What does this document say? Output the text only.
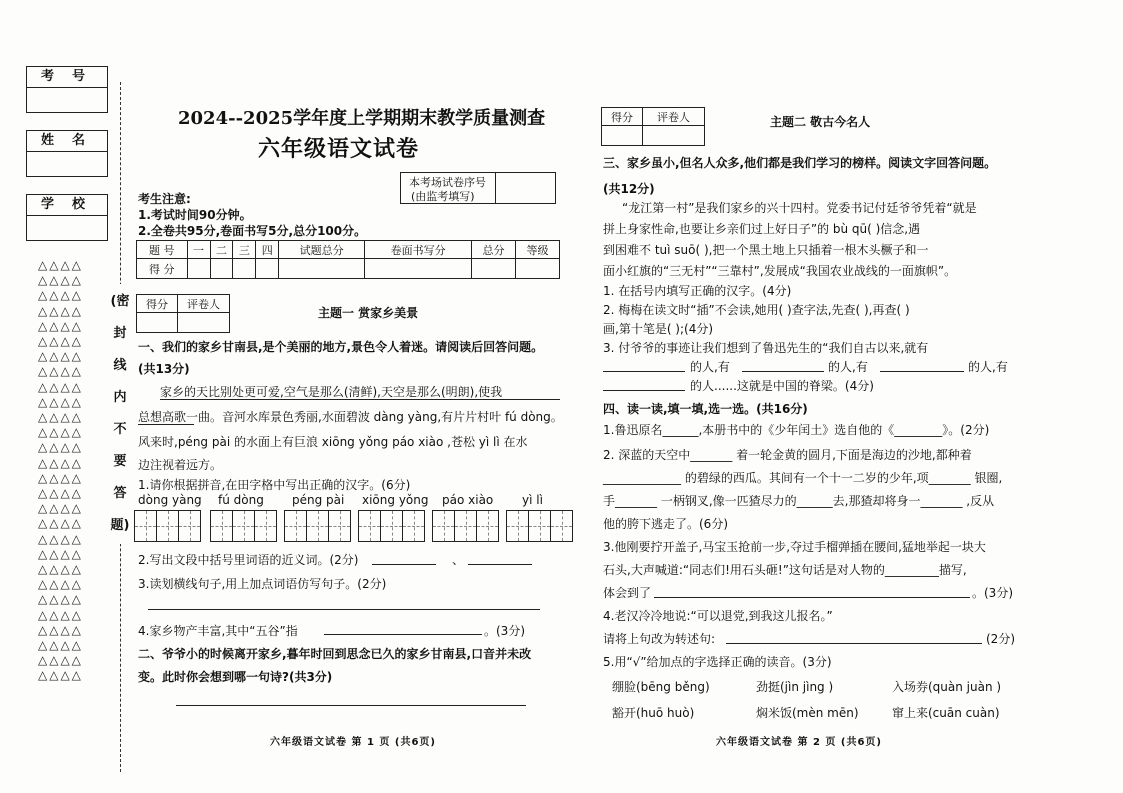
考号
姓名
学校
△△△△
△△△△
△△△△
△△△△
△△△△
△△△△
△△△△
△△△△
△△△△
△△△△
△△△△
△△△△
△△△△
△△△△
△△△△
△△△△
△△△△
△△△△
△△△△
△△△△
△△△△
△△△△
△△△△
△△△△
△△△△
△△△△
△△△△
△△△△
(密
封
线
内
不
要
答
题)
2024--2025学年度上学期期末教学质量测查
六年级语文试卷
本考场试卷序号
(由监考填写)
考生注意:
1.考试时间90分钟。
2.全卷共95分,卷面书写5分,总分100分。
题 号	一	二	三	四	试题总分	卷面书写分	总分	等级
得 分								
得分	评卷人

主题一 赏家乡美景
一、我们的家乡甘南县,是个美丽的地方,景色令人着迷。请阅读后回答问题。
(共13分)
家乡的天比别处更可爱,空气是那么(清鲜),天空是那么(明朗),使我
总想高歌一曲。音河水库景色秀丽,水面碧波 dàng yàng,有片片村叶 fú dòng。
风来时,péng pài 的水面上有巨浪 xiōng yǒng páo xiào ,苍松 yì lì 在水
边注视着远方。
1.请你根据拼音,在田字格中写出正确的汉字。(6分)
dòng yàng fú dòng péng pài xiōng yǒng páo xiào yì lì
2.写出文段中括号里词语的近义词。(2分)	、
3.读划横线句子,用上加点词语仿写句子。(2分)
4.家乡物产丰富,其中“五谷”指	。(3分)
二、爷爷小的时候离开家乡,暮年时回到思念已久的家乡甘南县,口音并未改
变。此时你会想到哪一句诗?(共3分)
六年级语文试卷 第 1 页 (共6页)
得分	评卷人
		主题二 敬古今名人
三、家乡虽小,但名人众多,他们都是我们学习的榜样。阅读文字回答问题。
(共12分)
“龙江第一村”是我们家乡的兴十四村。党委书记付廷爷爷凭着“就是
拼上身家性命,也要让乡亲们过上好日子”的 bù qū( )信念,遇
到困难不 tuì suō( ),把一个黑土地上只插着一根木头橛子和一
面小红旗的“三无村”“三靠村”,发展成“我国农业战线的一面旗帜”。
1. 在括号内填写正确的汉字。(4分)
2. 梅梅在读文时“插”不会读,她用( )查字法,先查( ),再查( )
画,第十笔是( );(4分)
3. 付爷爷的事迹让我们想到了鲁迅先生的“我们自古以来,就有
的人,有	的人,有	的人,有
的人......这就是中国的脊梁。(4分)
四、读一读,填一填,选一选。(共16分)
1.鲁迅原名______,本册书中的《少年闰土》选自他的《________》。(2分)
2. 深蓝的天空中_______ 着一轮金黄的圆月,下面是海边的沙地,都种着
_____________ 的碧绿的西瓜。其间有一个十一二岁的少年,项_______ 银圈,
手_______ 一柄钢叉,像一匹猹尽力的______去,那猹却将身一_______ ,反从
他的胯下逃走了。(6分)
3.他刚要拧开盖子,马宝玉抢前一步,夺过手榴弹插在腰间,猛地举起一块大
石头,大声喊道:“同志们!用石头砸!”这句话是对人物的_________描写,
体会到了	。(3分)
4.老汉冷冷地说:“可以退党,到我这儿报名。”
请将上句改为转述句:	(2分)
5.用“√”给加点的字选择正确的读音。(3分)
绷脸(bēng běng)	劲挺(jìn jìng )	入场券(quàn juàn )
豁开(huō huò)	焖米饭(mèn mēn)	窜上来(cuān cuàn)
六年级语文试卷 第 2 页 (共6页)
